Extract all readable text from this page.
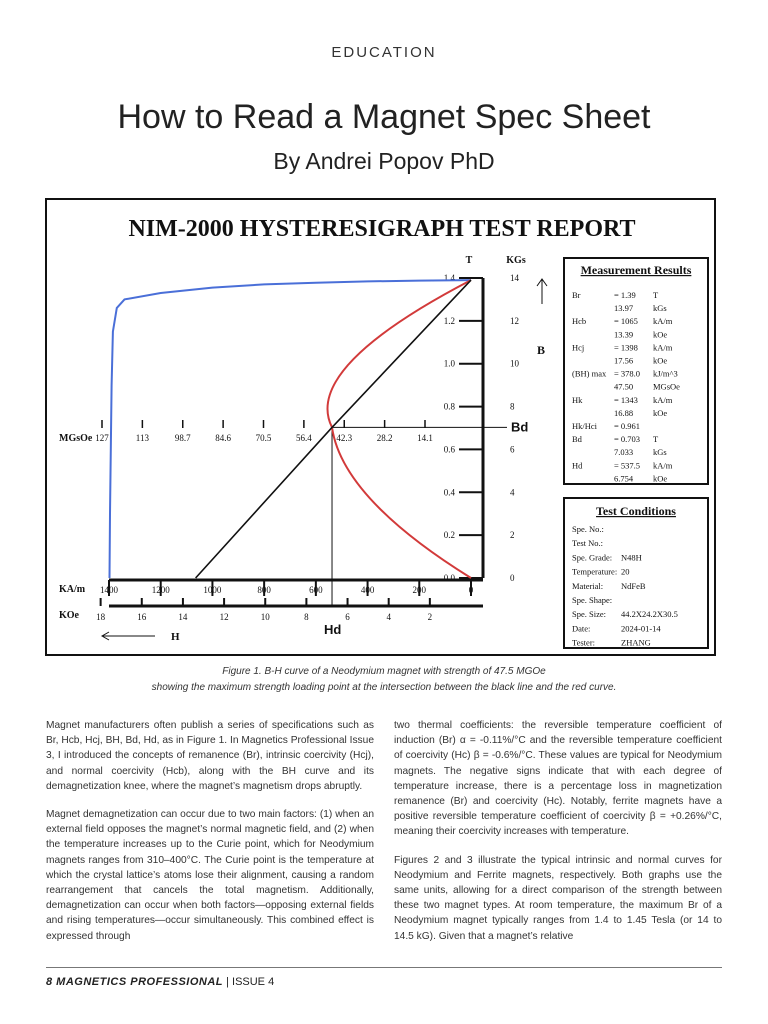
EDUCATION
How to Read a Magnet Spec Sheet
By Andrei Popov PhD
NIM-2000 HYSTERESIGRAPH TEST REPORT
T	KGs
B
1.4	14
1.2	12
1.0	10
0.8	8
0.6	6
0.4	4
0.2	2
0.0	0
KA/m
KOe
1400	1200	1000	800	600	400	200	0
18	16	14	12	10	8	6	4	2
MGsOe 127	113	98.7	84.6	70.5	56.4	42.3	28.2	14.1
H
Bd
Hd
Measurement Results
Br	= 1.39 T
13.97 kGs
Hcb	= 1065 kA/m
13.39 kOe
Hcj	= 1398 kA/m
17.56 kOe
(BH) max = 378.0 kJ/m^3
47.50 MGsOe
Hk	= 1343 kA/m
16.88 kOe
Hk/Hci = 0.961
Bd	= 0.703 T
7.033 kGs
Hd	= 537.5 kA/m
6.754 kOe
Test Conditions
Spe. No.:
Test No.:
Spe. Grade: N48H
Temperature: 20
Material: NdFeB
Spe. Shape:
Spe. Size: 44.2X24.2X30.5
Date:	2024-01-14
Tester:	ZHANG
Figure 1. B-H curve of a Neodymium magnet with strength of 47.5 MGOe
showing the maximum strength loading point at the intersection between the black line and the red curve.

Magnet manufacturers often publish a series of specifications such as Br, Hcb, Hcj, BH, Bd, Hd, as in Figure 1. In Magnetics Professional Issue 3, I introduced the concepts of remanence (Br), intrinsic coercivity (Hcj), and normal coercivity (Hcb), along with the BH curve and its demagnetization knee, where the magnet’s magnetism drops abruptly.

Magnet demagnetization can occur due to two main factors: (1) when an external field opposes the magnet’s normal magnetic field, and (2) when the temperature increases up to the Curie point, which for Neodymium magnets ranges from 310–400°C. The Curie point is the temperature at which the crystal lattice’s atoms lose their alignment, causing a random rearrangement that cancels the total magnetism. Additionally, demagnetization can occur when both factors—opposing external fields and rising temperatures—occur simultaneously. This combined effect is expressed through

two thermal coefficients: the reversible temperature coefficient of induction (Br) α = -0.11%/°C and the reversible temperature coefficient of coercivity (Hc) β = -0.6%/°C. These values are typical for Neodymium magnets. The negative signs indicate that with each degree of temperature increase, there is a percentage loss in magnetization remanence (Br) and coercivity (Hc). Notably, ferrite magnets have a positive reversible temperature coefficient of coercivity β = +0.26%/°C, meaning their coercivity increases with temperature.

Figures 2 and 3 illustrate the typical intrinsic and normal curves for Neodymium and Ferrite magnets, respectively. Both graphs use the same units, allowing for a direct comparison of the strength between these two magnet types. At room temperature, the maximum Br of a Neodymium magnet typically ranges from 1.4 to 1.45 Tesla (or 14 to 14.5 kG). Given that a magnet’s relative

8 MAGNETICS PROFESSIONAL | ISSUE 4
